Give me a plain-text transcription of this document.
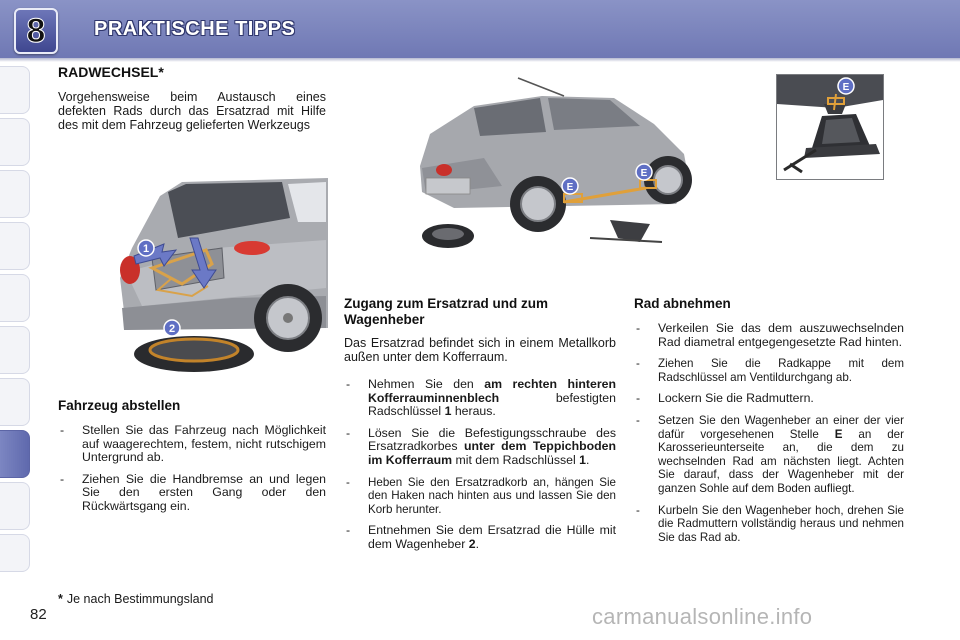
8 PRAKTISCHE TIPPS
RADWECHSEL*

Vorgehensweise beim Austausch eines defekten Rads durch das Ersatzrad mit Hilfe des mit dem Fahrzeug gelieferten Werkzeugs

1
2
E
E
E
Fahrzeug abstellen
- Stellen Sie das Fahrzeug nach Möglichkeit auf waagerechtem, festem, nicht rutschigem Untergrund ab.
- Ziehen Sie die Handbremse an und legen Sie den ersten Gang oder den Rückwärtsgang ein.
Zugang zum Ersatzrad und zum Wagenheber

Das Ersatzrad befindet sich in einem Metallkorb außen unter dem Kofferraum.

- Nehmen Sie den am rechten hinteren Kofferrauminnenblech befestigten Radschlüssel 1 heraus.
- Lösen Sie die Befestigungsschraube des Ersatzradkorbes unter dem Teppichboden im Kofferraum mit dem Radschlüssel 1.
- Heben Sie den Ersatzradkorb an, hängen Sie den Haken nach hinten aus und lassen Sie den Korb herunter.
- Entnehmen Sie dem Ersatzrad die Hülle mit dem Wagenheber 2.
Rad abnehmen
- Verkeilen Sie das dem auszuwechselnden Rad diametral entgegengesetzte Rad hinten.
- Ziehen Sie die Radkappe mit dem Radschlüssel am Ventildurchgang ab.
- Lockern Sie die Radmuttern.
- Setzen Sie den Wagenheber an einer der vier dafür vorgesehenen Stelle E an der Karosserieunterseite an, die dem zu wechselnden Rad am nächsten liegt. Achten Sie darauf, dass der Wagenheber mit der ganzen Sohle auf dem Boden aufliegt.
- Kurbeln Sie den Wagenheber hoch, drehen Sie die Radmuttern vollständig heraus und nehmen Sie das Rad ab.
* Je nach Bestimmungsland
82	carmanualsonline.info
